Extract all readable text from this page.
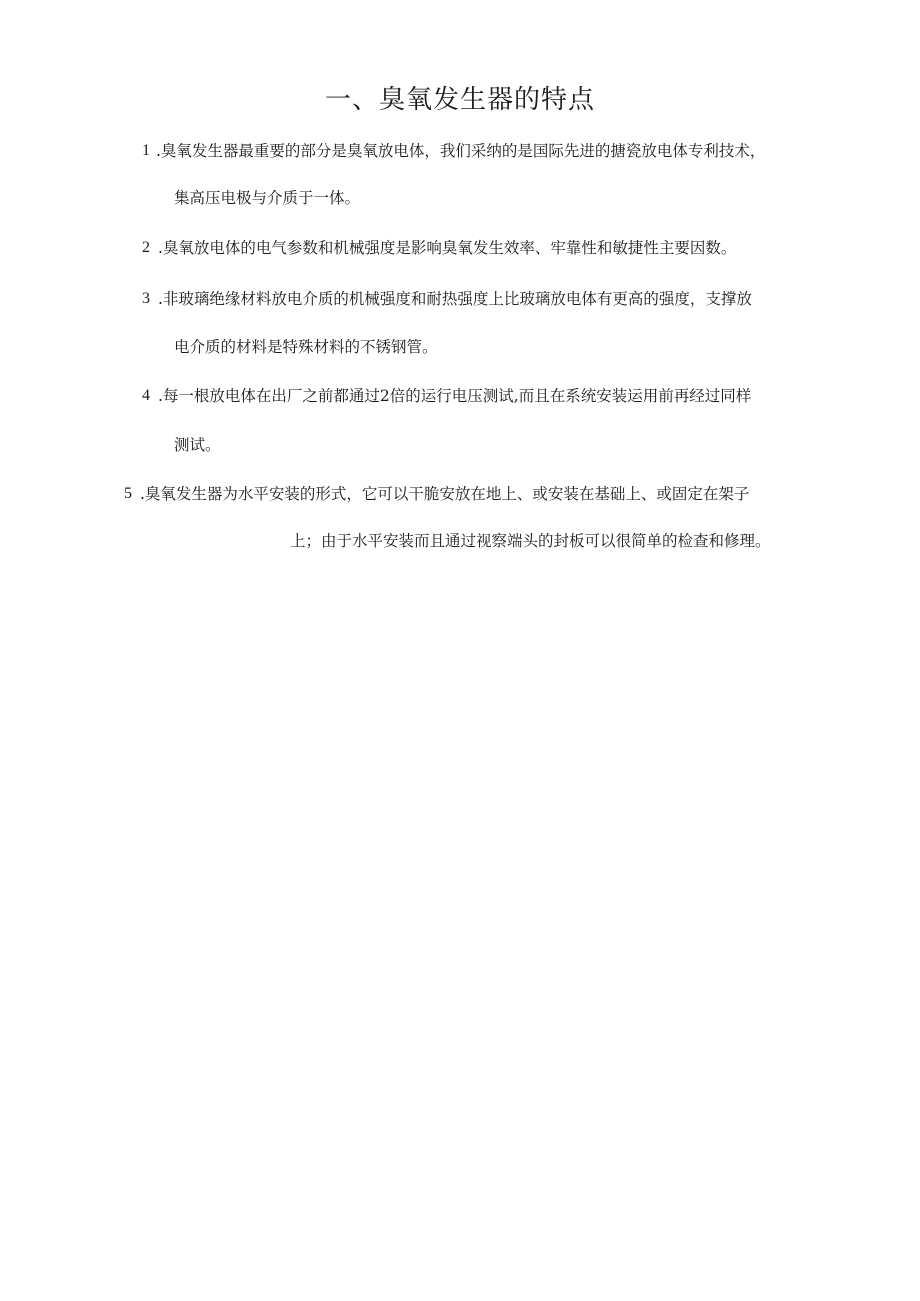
一、臭氧发生器的特点
1 .臭氧发生器最重要的部分是臭氧放电体，我们采纳的是国际先进的搪瓷放电体专利技术，
集高压电极与介质于一体。
2 .臭氧放电体的电气参数和机械强度是影响臭氧发生效率、牢靠性和敏捷性主要因数。
3 .非玻璃绝缘材料放电介质的机械强度和耐热强度上比玻璃放电体有更高的强度，支撑放
电介质的材料是特殊材料的不锈钢管。
4 .每一根放电体在出厂之前都通过2倍的运行电压测试,而且在系统安装运用前再经过同样
测试。
5 .臭氧发生器为水平安装的形式，它可以干脆安放在地上、或安装在基础上、或固定在架子
上；由于水平安装而且通过视察端头的封板可以很简单的检查和修理。
